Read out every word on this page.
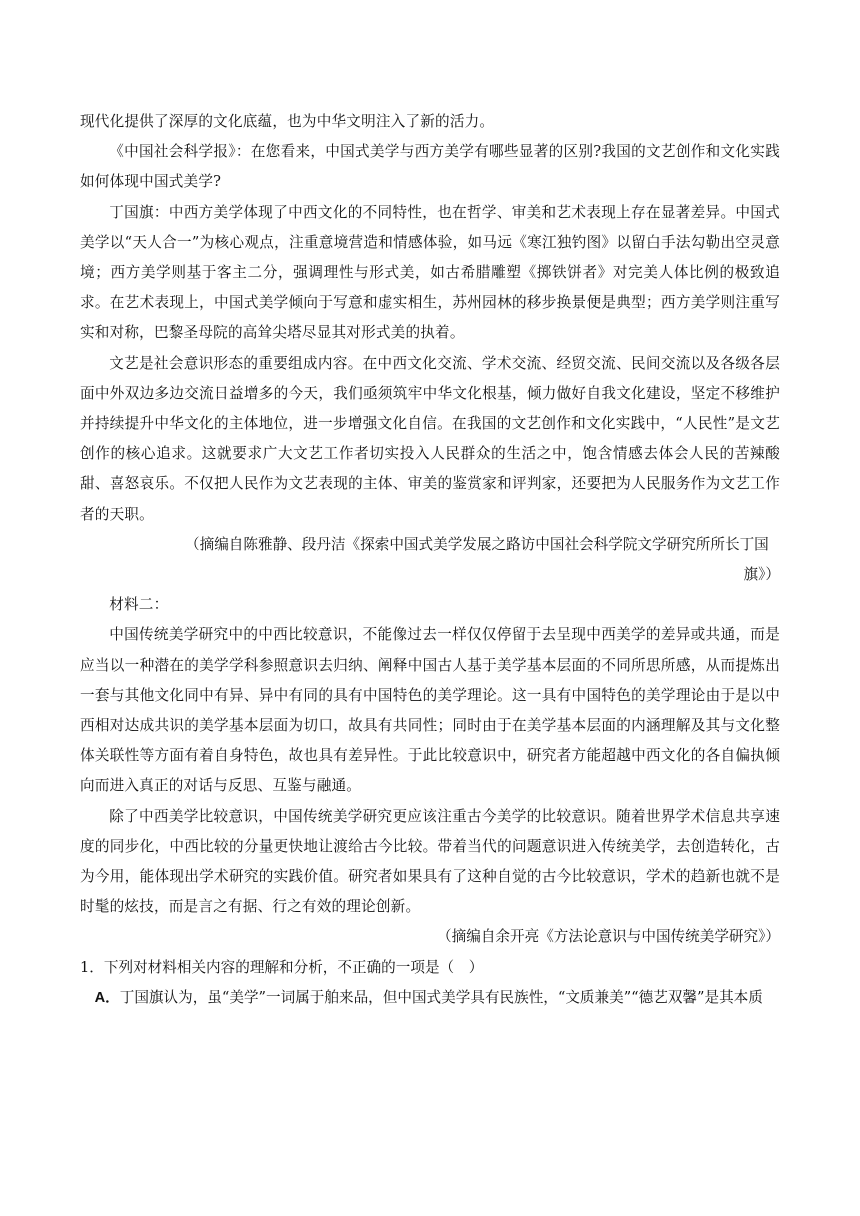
现代化提供了深厚的文化底蕴，也为中华文明注入了新的活力。

《中国社会科学报》：在您看来，中国式美学与西方美学有哪些显著的区别?我国的文艺创作和文化实践如何体现中国式美学?

丁国旗：中西方美学体现了中西文化的不同特性，也在哲学、审美和艺术表现上存在显著差异。中国式美学以“天人合一”为核心观点，注重意境营造和情感体验，如马远《寒江独钓图》以留白手法勾勒出空灵意境；西方美学则基于客主二分，强调理性与形式美，如古希腊雕塑《掷铁饼者》对完美人体比例的极致追求。在艺术表现上，中国式美学倾向于写意和虚实相生，苏州园林的移步换景便是典型；西方美学则注重写实和对称，巴黎圣母院的高耸尖塔尽显其对形式美的执着。

文艺是社会意识形态的重要组成内容。在中西文化交流、学术交流、经贸交流、民间交流以及各级各层面中外双边多边交流日益增多的今天，我们亟须筑牢中华文化根基，倾力做好自我文化建设，坚定不移维护并持续提升中华文化的主体地位，进一步增强文化自信。在我国的文艺创作和文化实践中，“人民性”是文艺创作的核心追求。这就要求广大文艺工作者切实投入人民群众的生活之中，饱含情感去体会人民的苦辣酸甜、喜怒哀乐。不仅把人民作为文艺表现的主体、审美的鉴赏家和评判家，还要把为人民服务作为文艺工作者的天职。

（摘编自陈雅静、段丹洁《探索中国式美学发展之路访中国社会科学院文学研究所所长丁国
旗》）

材料二：

中国传统美学研究中的中西比较意识，不能像过去一样仅仅停留于去呈现中西美学的差异或共通，而是应当以一种潜在的美学学科参照意识去归纳、阐释中国古人基于美学基本层面的不同所思所感，从而提炼出一套与其他文化同中有异、异中有同的具有中国特色的美学理论。这一具有中国特色的美学理论由于是以中西相对达成共识的美学基本层面为切口，故具有共同性；同时由于在美学基本层面的内涵理解及其与文化整体关联性等方面有着自身特色，故也具有差异性。于此比较意识中，研究者方能超越中西文化的各自偏执倾向而进入真正的对话与反思、互鉴与融通。

除了中西美学比较意识，中国传统美学研究更应该注重古今美学的比较意识。随着世界学术信息共享速度的同步化，中西比较的分量更快地让渡给古今比较。带着当代的问题意识进入传统美学，去创造转化，古为今用，能体现出学术研究的实践价值。研究者如果具有了这种自觉的古今比较意识，学术的趋新也就不是时髦的炫技，而是言之有据、行之有效的理论创新。

（摘编自余开亮《方法论意识与中国传统美学研究》）

1．下列对材料相关内容的理解和分析，不正确的一项是（　）

A．丁国旗认为，虽“美学”一词属于舶来品，但中国式美学具有民族性，“文质兼美”“德艺双馨”是其本质
